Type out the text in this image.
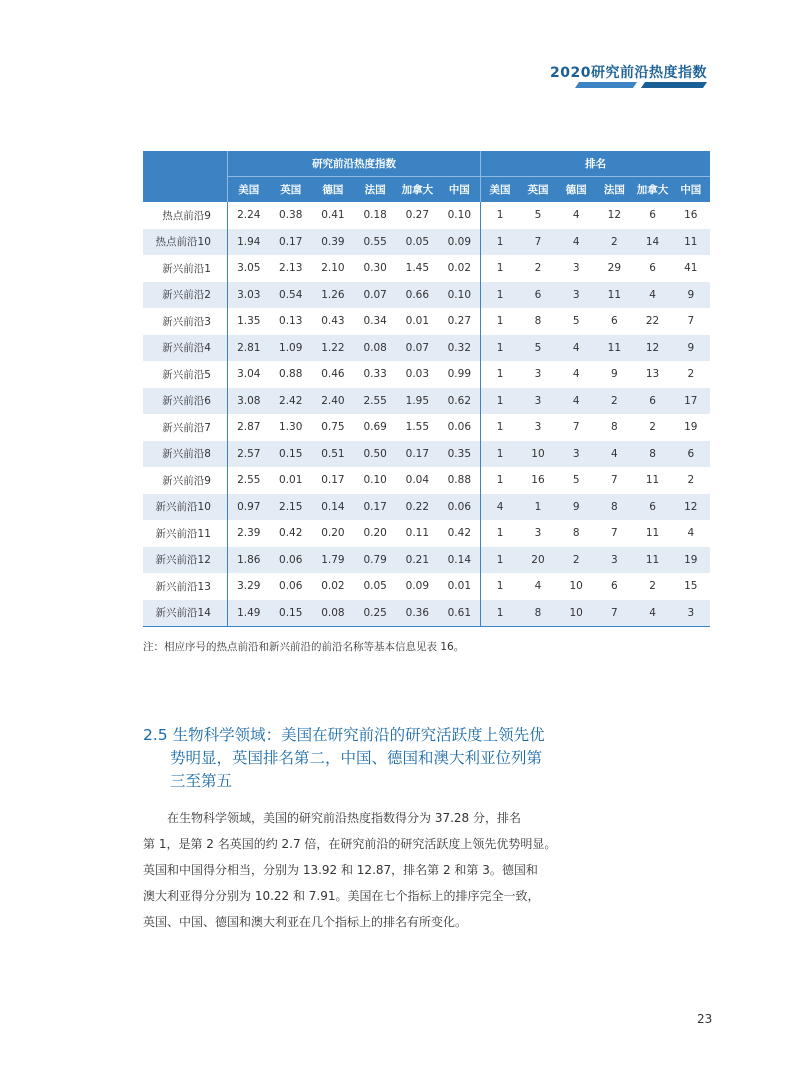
2020研究前沿热度指数
	研究前沿热度指数						排名					
	美国	英国	德国	法国	加拿大	中国	美国	英国	德国	法国	加拿大	中国
热点前沿9	2.24	0.38	0.41	0.18	0.27	0.10	1	5	4	12	6	16
热点前沿10	1.94	0.17	0.39	0.55	0.05	0.09	1	7	4	2	14	11
新兴前沿1	3.05	2.13	2.10	0.30	1.45	0.02	1	2	3	29	6	41
新兴前沿2	3.03	0.54	1.26	0.07	0.66	0.10	1	6	3	11	4	9
新兴前沿3	1.35	0.13	0.43	0.34	0.01	0.27	1	8	5	6	22	7
新兴前沿4	2.81	1.09	1.22	0.08	0.07	0.32	1	5	4	11	12	9
新兴前沿5	3.04	0.88	0.46	0.33	0.03	0.99	1	3	4	9	13	2
新兴前沿6	3.08	2.42	2.40	2.55	1.95	0.62	1	3	4	2	6	17
新兴前沿7	2.87	1.30	0.75	0.69	1.55	0.06	1	3	7	8	2	19
新兴前沿8	2.57	0.15	0.51	0.50	0.17	0.35	1	10	3	4	8	6
新兴前沿9	2.55	0.01	0.17	0.10	0.04	0.88	1	16	5	7	11	2
新兴前沿10	0.97	2.15	0.14	0.17	0.22	0.06	4	1	9	8	6	12
新兴前沿11	2.39	0.42	0.20	0.20	0.11	0.42	1	3	8	7	11	4
新兴前沿12	1.86	0.06	1.79	0.79	0.21	0.14	1	20	2	3	11	19
新兴前沿13	3.29	0.06	0.02	0.05	0.09	0.01	1	4	10	6	2	15
新兴前沿14	1.49	0.15	0.08	0.25	0.36	0.61	1	8	10	7	4	3
注：相应序号的热点前沿和新兴前沿的前沿名称等基本信息见表 16。
2.5 生物科学领域：美国在研究前沿的研究活跃度上领先优
势明显，英国排名第二，中国、德国和澳大利亚位列第
三至第五
在生物科学领域，美国的研究前沿热度指数得分为 37.28 分，排名
第 1，是第 2 名英国的约 2.7 倍，在研究前沿的研究活跃度上领先优势明显。
英国和中国得分相当，分别为 13.92 和 12.87，排名第 2 和第 3。德国和
澳大利亚得分分别为 10.22 和 7.91。美国在七个指标上的排序完全一致，
英国、中国、德国和澳大利亚在几个指标上的排名有所变化。
23
